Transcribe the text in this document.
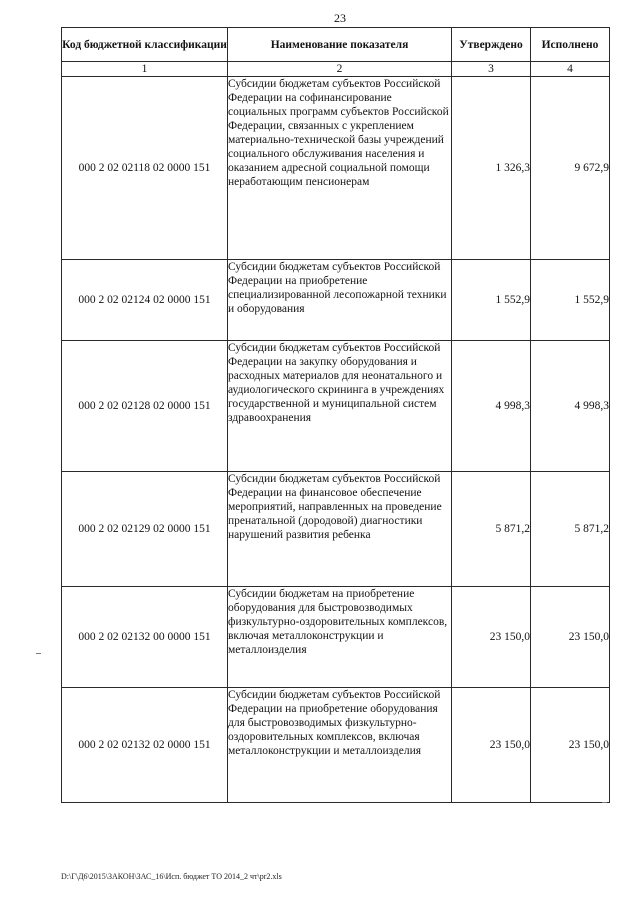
23
Код бюджетной классификации	Наименование показателя	Утверждено	Исполнено
1	2	3	4
000 2 02 02118 02 0000 151	Субсидии бюджетам субъектов Российской Федерации на софинансирование социальных программ субъектов Российской Федерации, связанных с укреплением материально-технической базы учреждений социального обслуживания населения и оказанием адресной социальной помощи неработающим пенсионерам	1 326,3	9 672,9
000 2 02 02124 02 0000 151	Субсидии бюджетам субъектов Российской Федерации на приобретение специализированной лесопожарной техники и оборудования	1 552,9	1 552,9
000 2 02 02128 02 0000 151	Субсидии бюджетам субъектов Российской Федерации на закупку оборудования и расходных материалов для неонатального и аудиологического скрининга в учреждениях государственной и муниципальной систем здравоохранения	4 998,3	4 998,3
000 2 02 02129 02 0000 151	Субсидии бюджетам субъектов Российской Федерации на финансовое обеспечение мероприятий, направленных на проведение пренатальной (дородовой) диагностики нарушений развития ребенка	5 871,2	5 871,2
000 2 02 02132 00 0000 151	Субсидии бюджетам на приобретение оборудования для быстровозводимых физкультурно-оздоровительных комплексов, включая металлоконструкции и металлоизделия	23 150,0	23 150,0
000 2 02 02132 02 0000 151	Субсидии бюджетам субъектов Российской Федерации на приобретение оборудования для быстровозводимых физкультурно-оздоровительных комплексов, включая металлоконструкции и металлоизделия	23 150,0	23 150,0
D:\Г\Д6\2015\ЗАКОН\ЗАС_16\Исп. бюджет ТО 2014_2 чт\pr2.xls
